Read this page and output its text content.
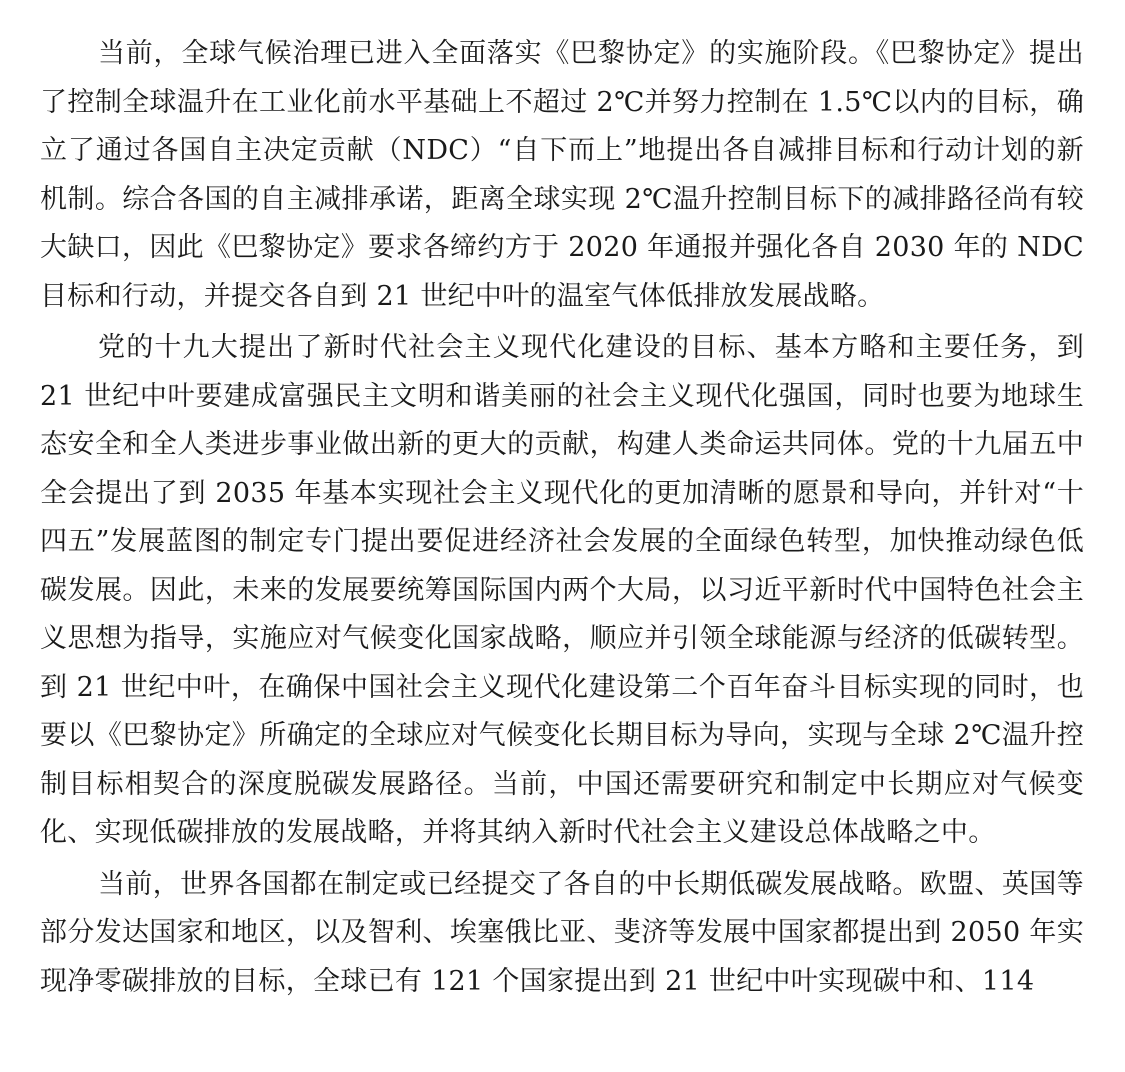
当前，全球气候治理已进入全面落实《巴黎协定》的实施阶段。《巴黎协定》提出了控制全球温升在工业化前水平基础上不超过 2℃并努力控制在 1.5℃以内的目标，确立了通过各国自主决定贡献（NDC）“自下而上”地提出各自减排目标和行动计划的新机制。综合各国的自主减排承诺，距离全球实现 2℃温升控制目标下的减排路径尚有较大缺口，因此《巴黎协定》要求各缔约方于 2020 年通报并强化各自 2030 年的 NDC 目标和行动，并提交各自到 21 世纪中叶的温室气体低排放发展战略。

党的十九大提出了新时代社会主义现代化建设的目标、基本方略和主要任务，到 21 世纪中叶要建成富强民主文明和谐美丽的社会主义现代化强国，同时也要为地球生态安全和全人类进步事业做出新的更大的贡献，构建人类命运共同体。党的十九届五中全会提出了到 2035 年基本实现社会主义现代化的更加清晰的愿景和导向，并针对“十四五”发展蓝图的制定专门提出要促进经济社会发展的全面绿色转型，加快推动绿色低碳发展。因此，未来的发展要统筹国际国内两个大局，以习近平新时代中国特色社会主义思想为指导，实施应对气候变化国家战略，顺应并引领全球能源与经济的低碳转型。到 21 世纪中叶，在确保中国社会主义现代化建设第二个百年奋斗目标实现的同时，也要以《巴黎协定》所确定的全球应对气候变化长期目标为导向，实现与全球 2℃温升控制目标相契合的深度脱碳发展路径。当前，中国还需要研究和制定中长期应对气候变化、实现低碳排放的发展战略，并将其纳入新时代社会主义建设总体战略之中。

当前，世界各国都在制定或已经提交了各自的中长期低碳发展战略。欧盟、英国等部分发达国家和地区，以及智利、埃塞俄比亚、斐济等发展中国家都提出到 2050 年实现净零碳排放的目标，全球已有 121 个国家提出到 21 世纪中叶实现碳中和、114
